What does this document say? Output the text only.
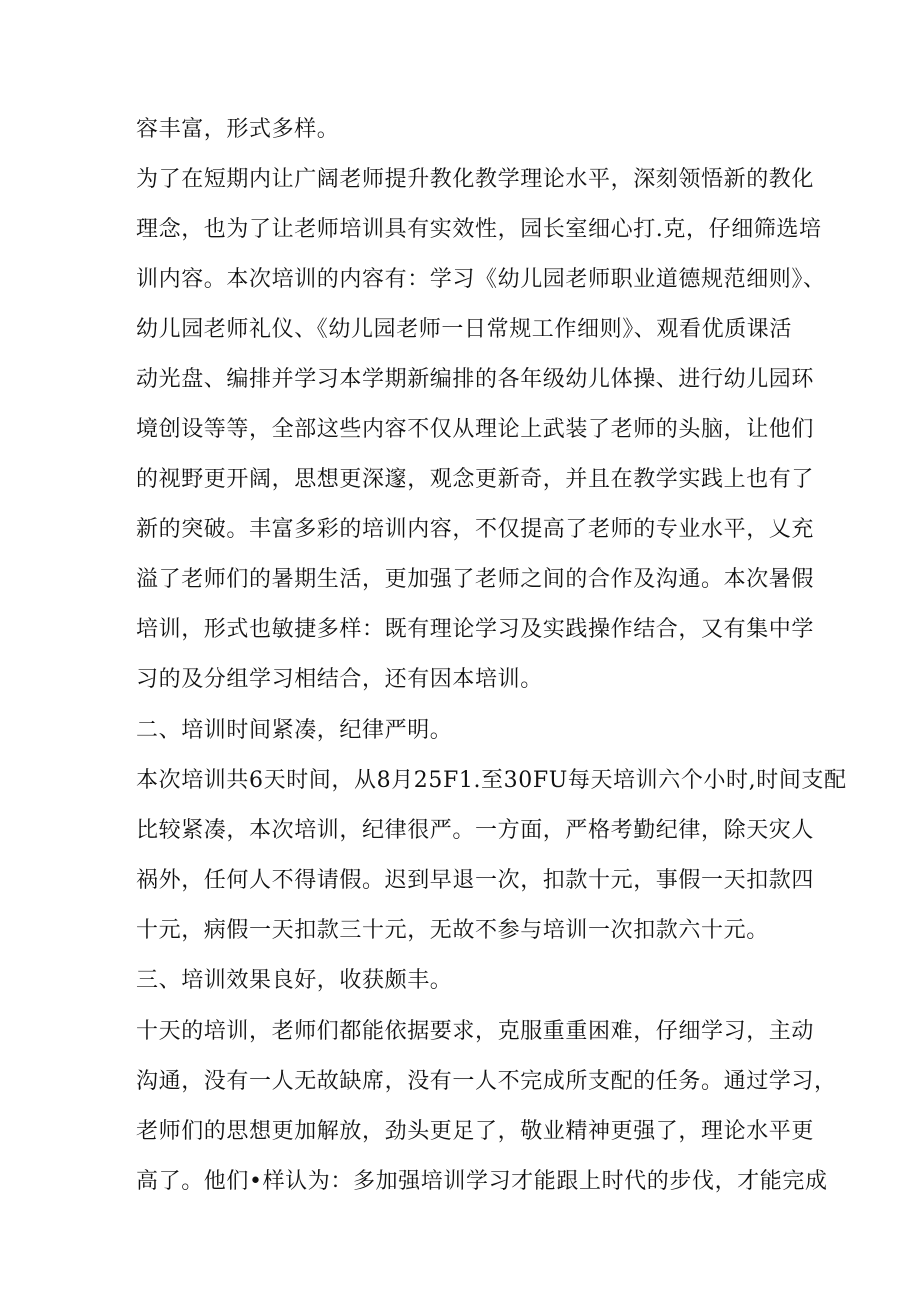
容丰富，形式多样。
为了在短期内让广阔老师提升教化教学理论水平，深刻领悟新的教化
理念，也为了让老师培训具有实效性，园长室细心打.克，仔细筛选培
训内容。本次培训的内容有：学习《幼儿园老师职业道德规范细则》、
幼儿园老师礼仪、《幼儿园老师一日常规工作细则》、观看优质课活
动光盘、编排并学习本学期新编排的各年级幼儿体操、进行幼儿园环
境创设等等，全部这些内容不仅从理论上武装了老师的头脑，让他们
的视野更开阔，思想更深邃，观念更新奇，并且在教学实践上也有了
新的突破。丰富多彩的培训内容，不仅提高了老师的专业水平，乂充
溢了老师们的暑期生活，更加强了老师之间的合作及沟通。本次暑假
培训，形式也敏捷多样：既有理论学习及实践操作结合，又有集中学
习的及分组学习相结合，还有因本培训。
二、培训时间紧凑，纪律严明。
本次培训共6天时间，从8月25F1.至30FU每天培训六个小时,时间支配
比较紧凑，本次培训，纪律很严。一方面，严格考勤纪律，除天灾人
祸外，任何人不得请假。迟到早退一次，扣款十元，事假一天扣款四
十元，病假一天扣款三十元，无故不参与培训一次扣款六十元。
三、培训效果良好，收获颇丰。
十天的培训，老师们都能依据要求，克服重重困难，仔细学习，主动
沟通，没有一人无故缺席，没有一人不完成所支配的任务。通过学习，
老师们的思想更加解放，劲头更足了，敬业精神更强了，理论水平更
高了。他们•样认为：多加强培训学习才能跟上时代的步伐，才能完成
